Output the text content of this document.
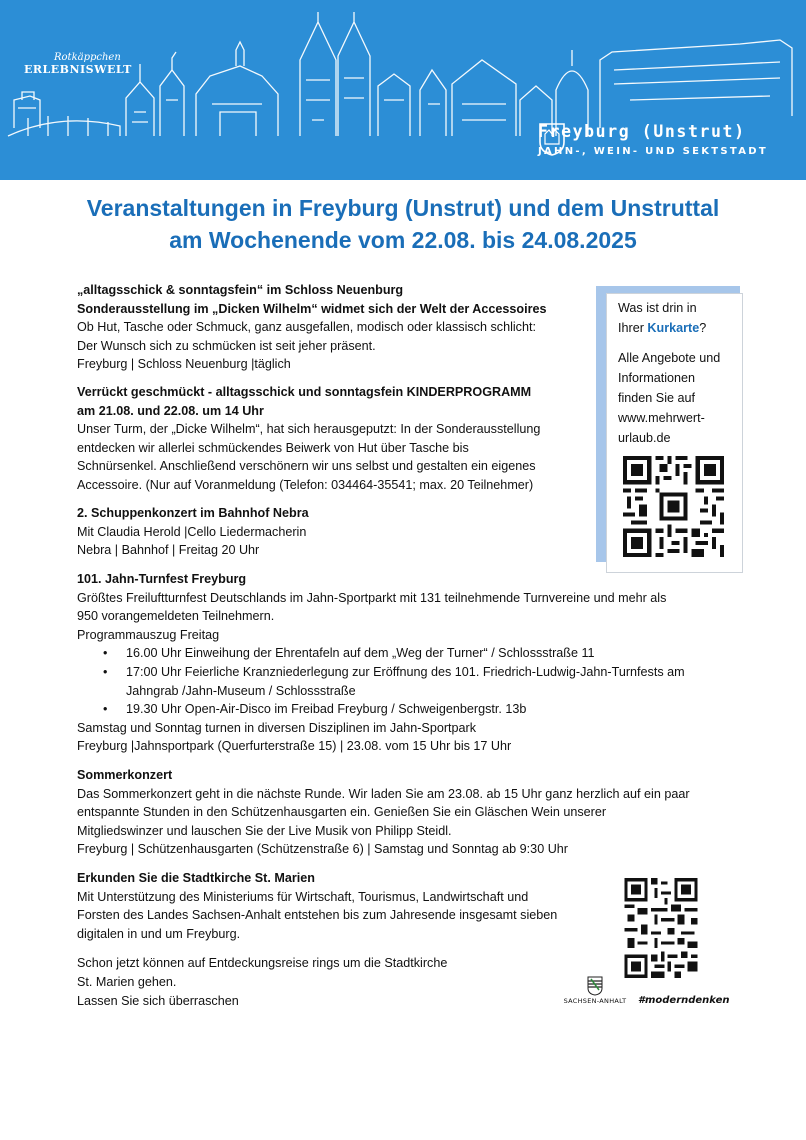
Rotkäppchen
ERLEBNISWELT
Freyburg (Unstrut)
JAHN-, WEIN- UND SEKTSTADT
Veranstaltungen in Freyburg (Unstrut) und dem Unstruttal
am Wochenende vom 22.08. bis 24.08.2025

Was ist drin in

Ihrer Kurkarte?

Alle Angebote und

Informationen

finden Sie auf

www.mehrwert-

urlaub.de

„alltagsschick & sonntagsfein“ im Schloss Neuenburg

Sonderausstellung im „Dicken Wilhelm“ widmet sich der Welt der Accessoires

Ob Hut, Tasche oder Schmuck, ganz ausgefallen, modisch oder klassisch schlicht:

Der Wunsch sich zu schmücken ist seit jeher präsent.

Freyburg | Schloss Neuenburg |täglich

Verrückt geschmückt - alltagsschick und sonntagsfein KINDERPROGRAMM

am 21.08. und 22.08. um 14 Uhr

Unser Turm, der „Dicke Wilhelm“, hat sich herausgeputzt: In der Sonderausstellung

entdecken wir allerlei schmückendes Beiwerk von Hut über Tasche bis

Schnürsenkel. Anschließend verschönern wir uns selbst und gestalten ein eigenes

Accessoire. (Nur auf Voranmeldung (Telefon: 034464-35541; max. 20 Teilnehmer)

2. Schuppenkonzert im Bahnhof Nebra

Mit Claudia Herold |Cello Liedermacherin

Nebra | Bahnhof | Freitag 20 Uhr

101. Jahn-Turnfest Freyburg

Größtes Freiluftturnfest Deutschlands im Jahn-Sportparkt mit 131 teilnehmende Turnvereine und mehr als

950 vorangemeldeten Teilnehmern.

Programmauszug Freitag

• 16.00 Uhr Einweihung der Ehrentafeln auf dem „Weg der Turner“ / Schlossstraße 11
• 17:00 Uhr Feierliche Kranzniederlegung zur Eröffnung des 101. Friedrich-Ludwig-Jahn-Turnfests am
Jahngrab /Jahn-Museum / Schlossstraße
• 19.30 Uhr Open-Air-Disco im Freibad Freyburg / Schweigenbergstr. 13b

Samstag und Sonntag turnen in diversen Disziplinen im Jahn-Sportpark

Freyburg |Jahnsportpark (Querfurterstraße 15) | 23.08. vom 15 Uhr bis 17 Uhr

Sommerkonzert

Das Sommerkonzert geht in die nächste Runde. Wir laden Sie am 23.08. ab 15 Uhr ganz herzlich auf ein paar

entspannte Stunden in den Schützenhausgarten ein. Genießen Sie ein Gläschen Wein unserer

Mitgliedswinzer und lauschen Sie der Live Musik von Philipp Steidl.

Freyburg | Schützenhausgarten (Schützenstraße 6) | Samstag und Sonntag ab 9:30 Uhr

Erkunden Sie die Stadtkirche St. Marien

Mit Unterstützung des Ministeriums für Wirtschaft, Tourismus, Landwirtschaft und

Forsten des Landes Sachsen-Anhalt entstehen bis zum Jahresende insgesamt sieben

digitalen in und um Freyburg.

Schon jetzt können auf Entdeckungsreise rings um die Stadtkirche

St. Marien gehen.

Lassen Sie sich überraschen	SACHSEN-ANHALT	#moderndenken
